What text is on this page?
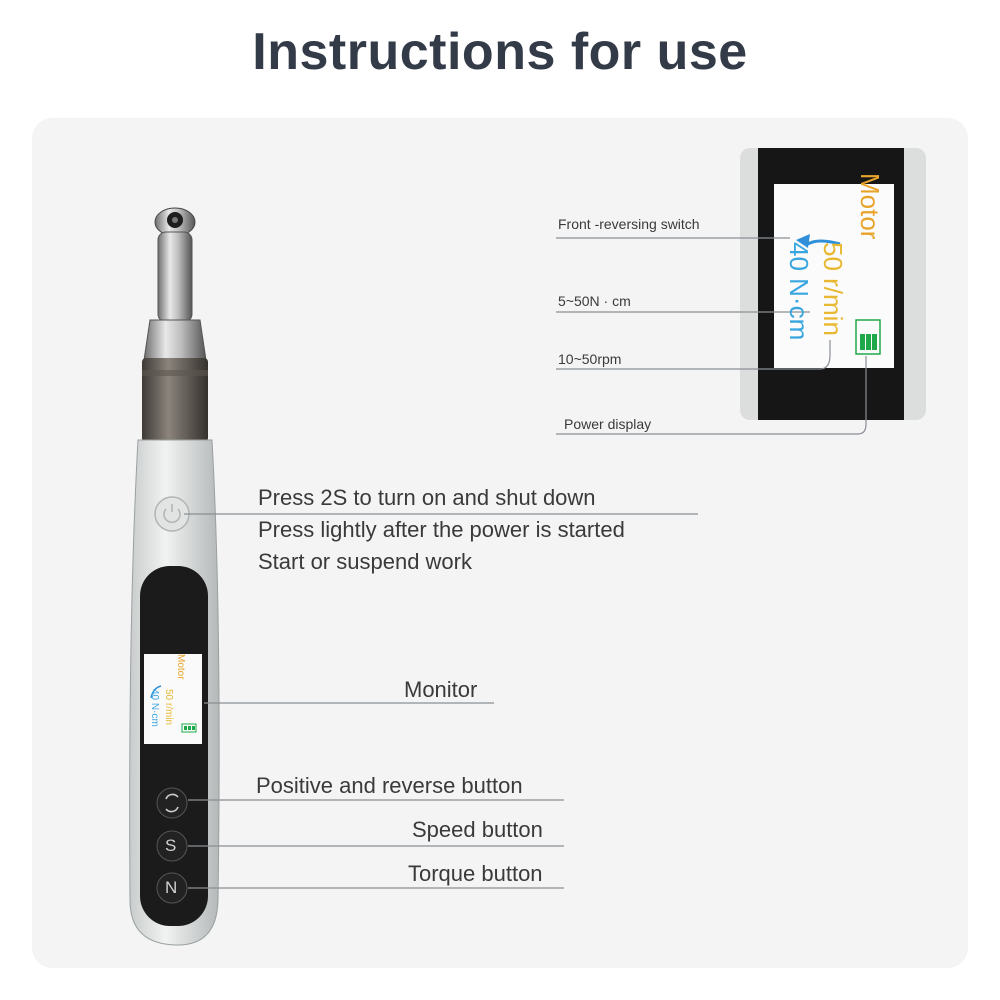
Instructions for use
Motor
50 r/min
40 N·cm
Motor
50 r/min
40 N·cm
S
N
Front -reversing switch
5~50N · cm
10~50rpm
Power display
Press 2S to turn on and shut down
Press lightly after the power is started
Start or suspend work
Monitor
Positive and reverse button
Speed button
Torque button
